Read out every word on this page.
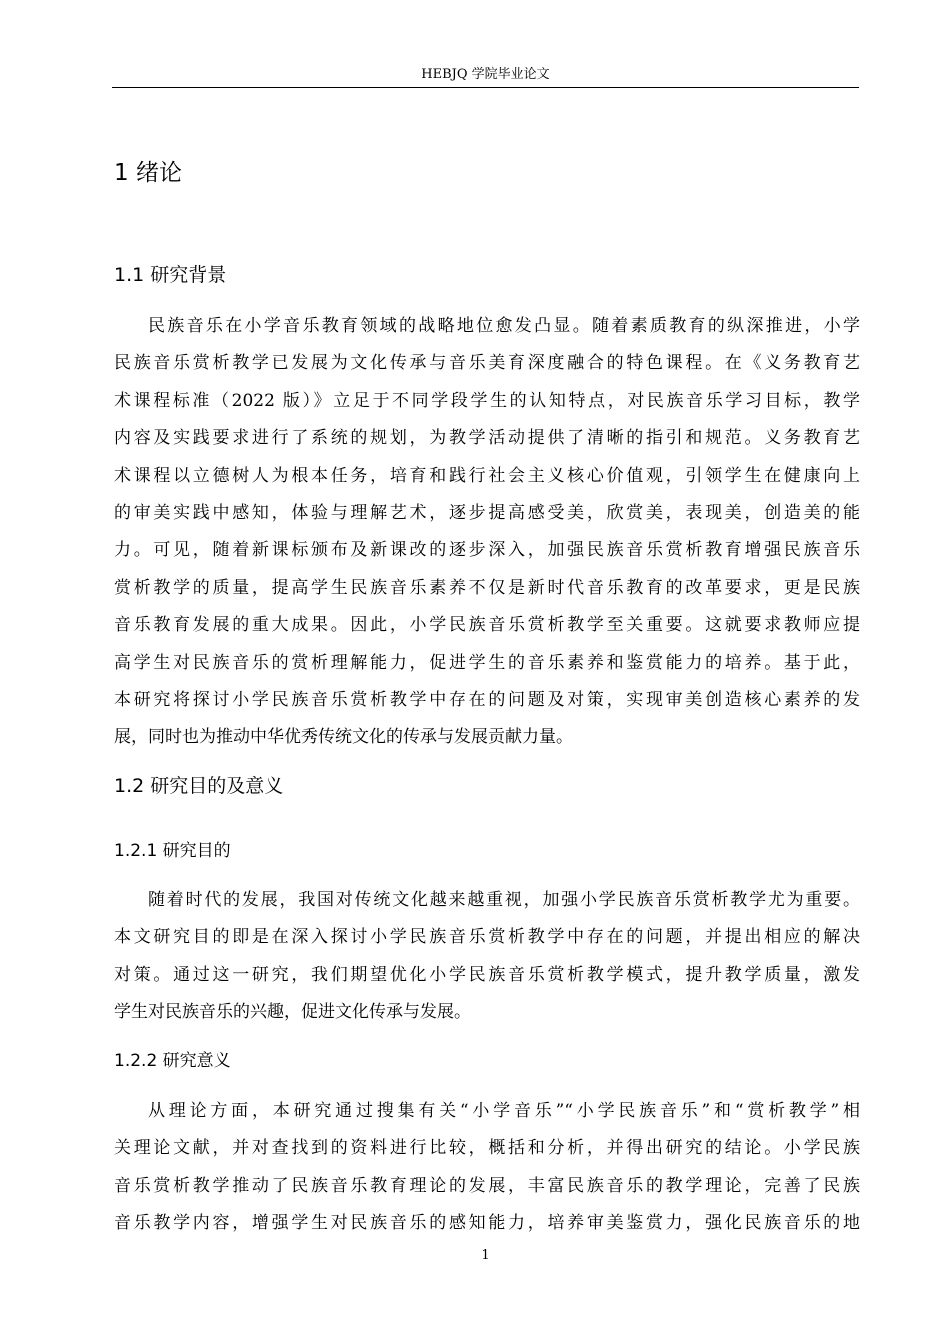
HEBJQ 学院毕业论文
1 绪论
1.1 研究背景
民族音乐在小学音乐教育领域的战略地位愈发凸显。随着素质教育的纵深推进，小学
民族音乐赏析教学已发展为文化传承与音乐美育深度融合的特色课程。在《义务教育艺
术课程标准（2022 版）》立足于不同学段学生的认知特点，对民族音乐学习目标，教学
内容及实践要求进行了系统的规划，为教学活动提供了清晰的指引和规范。义务教育艺
术课程以立德树人为根本任务，培育和践行社会主义核心价值观，引领学生在健康向上
的审美实践中感知，体验与理解艺术，逐步提高感受美，欣赏美，表现美，创造美的能
力。可见，随着新课标颁布及新课改的逐步深入，加强民族音乐赏析教育增强民族音乐
赏析教学的质量，提高学生民族音乐素养不仅是新时代音乐教育的改革要求，更是民族
音乐教育发展的重大成果。因此，小学民族音乐赏析教学至关重要。这就要求教师应提
高学生对民族音乐的赏析理解能力，促进学生的音乐素养和鉴赏能力的培养。基于此，
本研究将探讨小学民族音乐赏析教学中存在的问题及对策，实现审美创造核心素养的发
展，同时也为推动中华优秀传统文化的传承与发展贡献力量。
1.2 研究目的及意义
1.2.1 研究目的
随着时代的发展，我国对传统文化越来越重视，加强小学民族音乐赏析教学尤为重要。
本文研究目的即是在深入探讨小学民族音乐赏析教学中存在的问题，并提出相应的解决
对策。通过这一研究，我们期望优化小学民族音乐赏析教学模式，提升教学质量，激发
学生对民族音乐的兴趣，促进文化传承与发展。
1.2.2 研究意义
从理论方面，本研究通过搜集有关“小学音乐”“小学民族音乐”和“赏析教学”相
关理论文献，并对查找到的资料进行比较，概括和分析，并得出研究的结论。小学民族
音乐赏析教学推动了民族音乐教育理论的发展，丰富民族音乐的教学理论，完善了民族
音乐教学内容，增强学生对民族音乐的感知能力，培养审美鉴赏力，强化民族音乐的地
1
